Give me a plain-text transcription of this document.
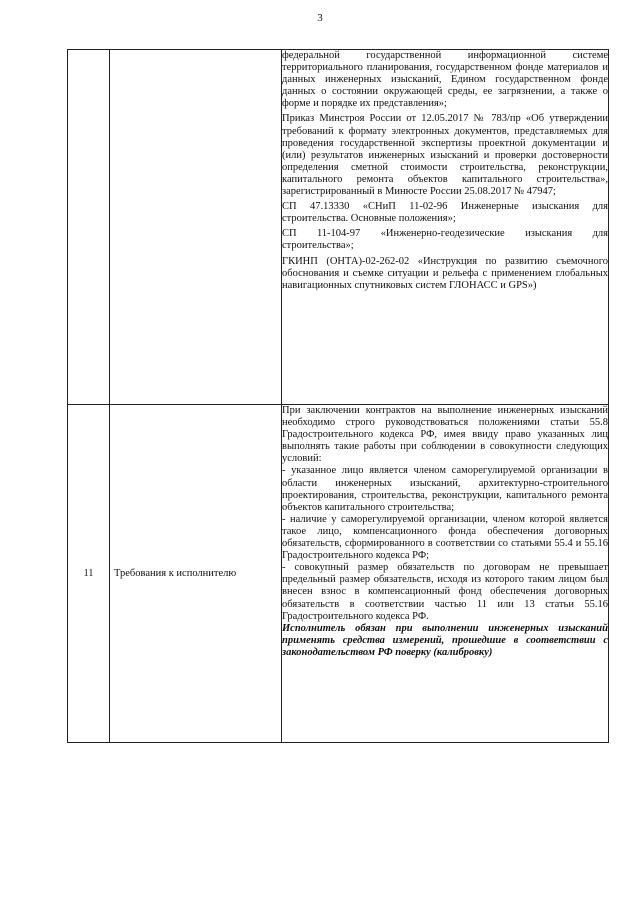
3

		федеральной государственной информационной системе территориального планирования, государственном фонде материалов и данных инженерных изысканий, Едином государственном фонде данных о состоянии окружающей среды, ее загрязнении, а также о форме и порядке их представления»;

Приказ Минстроя России от 12.05.2017 № 783/пр «Об утверждении требований к формату электронных документов, представляемых для проведения государственной экспертизы проектной документации и (или) результатов инженерных изысканий и проверки достоверности определения сметной стоимости строительства, реконструкции, капитального ремонта объектов капитального строительства», зарегистрированный в Минюсте России 25.08.2017 № 47947;

СП 47.13330 «СНиП 11-02-96 Инженерные изыскания для строительства. Основные положения»;

СП 11-104-97 «Инженерно-геодезические изыскания для строительства»;

ГКИНП (ОНТА)-02-262-02 «Инструкция по развитию съемочного обоснования и съемке ситуации и рельефа с применением глобальных навигационных спутниковых систем ГЛОНАСС и GPS»)

11	Требования к исполнителю	При заключении контрактов на выполнение инженерных изысканий необходимо строго руководствоваться положениями статьи 55.8 Градостроительного кодекса РФ, имея ввиду право указанных лиц выполнять такие работы при соблюдении в совокупности следующих условий:

- указанное лицо является членом саморегулируемой организации в области инженерных изысканий, архитектурно-строительного проектирования, строительства, реконструкции, капитального ремонта объектов капитального строительства;

- наличие у саморегулируемой организации, членом которой является такое лицо, компенсационного фонда обеспечения договорных обязательств, сформированного в соответствии со статьями 55.4 и 55.16 Градостроительного кодекса РФ;

- совокупный размер обязательств по договорам не превышает предельный размер обязательств, исходя из которого таким лицом был внесен взнос в компенсационный фонд обеспечения договорных обязательств в соответствии частью 11 или 13 статьи 55.16 Градостроительного кодекса РФ.

Исполнитель обязан при выполнении инженерных изысканий применять средства измерений, прошедшие в соответствии с законодательством РФ поверку (калибровку)
